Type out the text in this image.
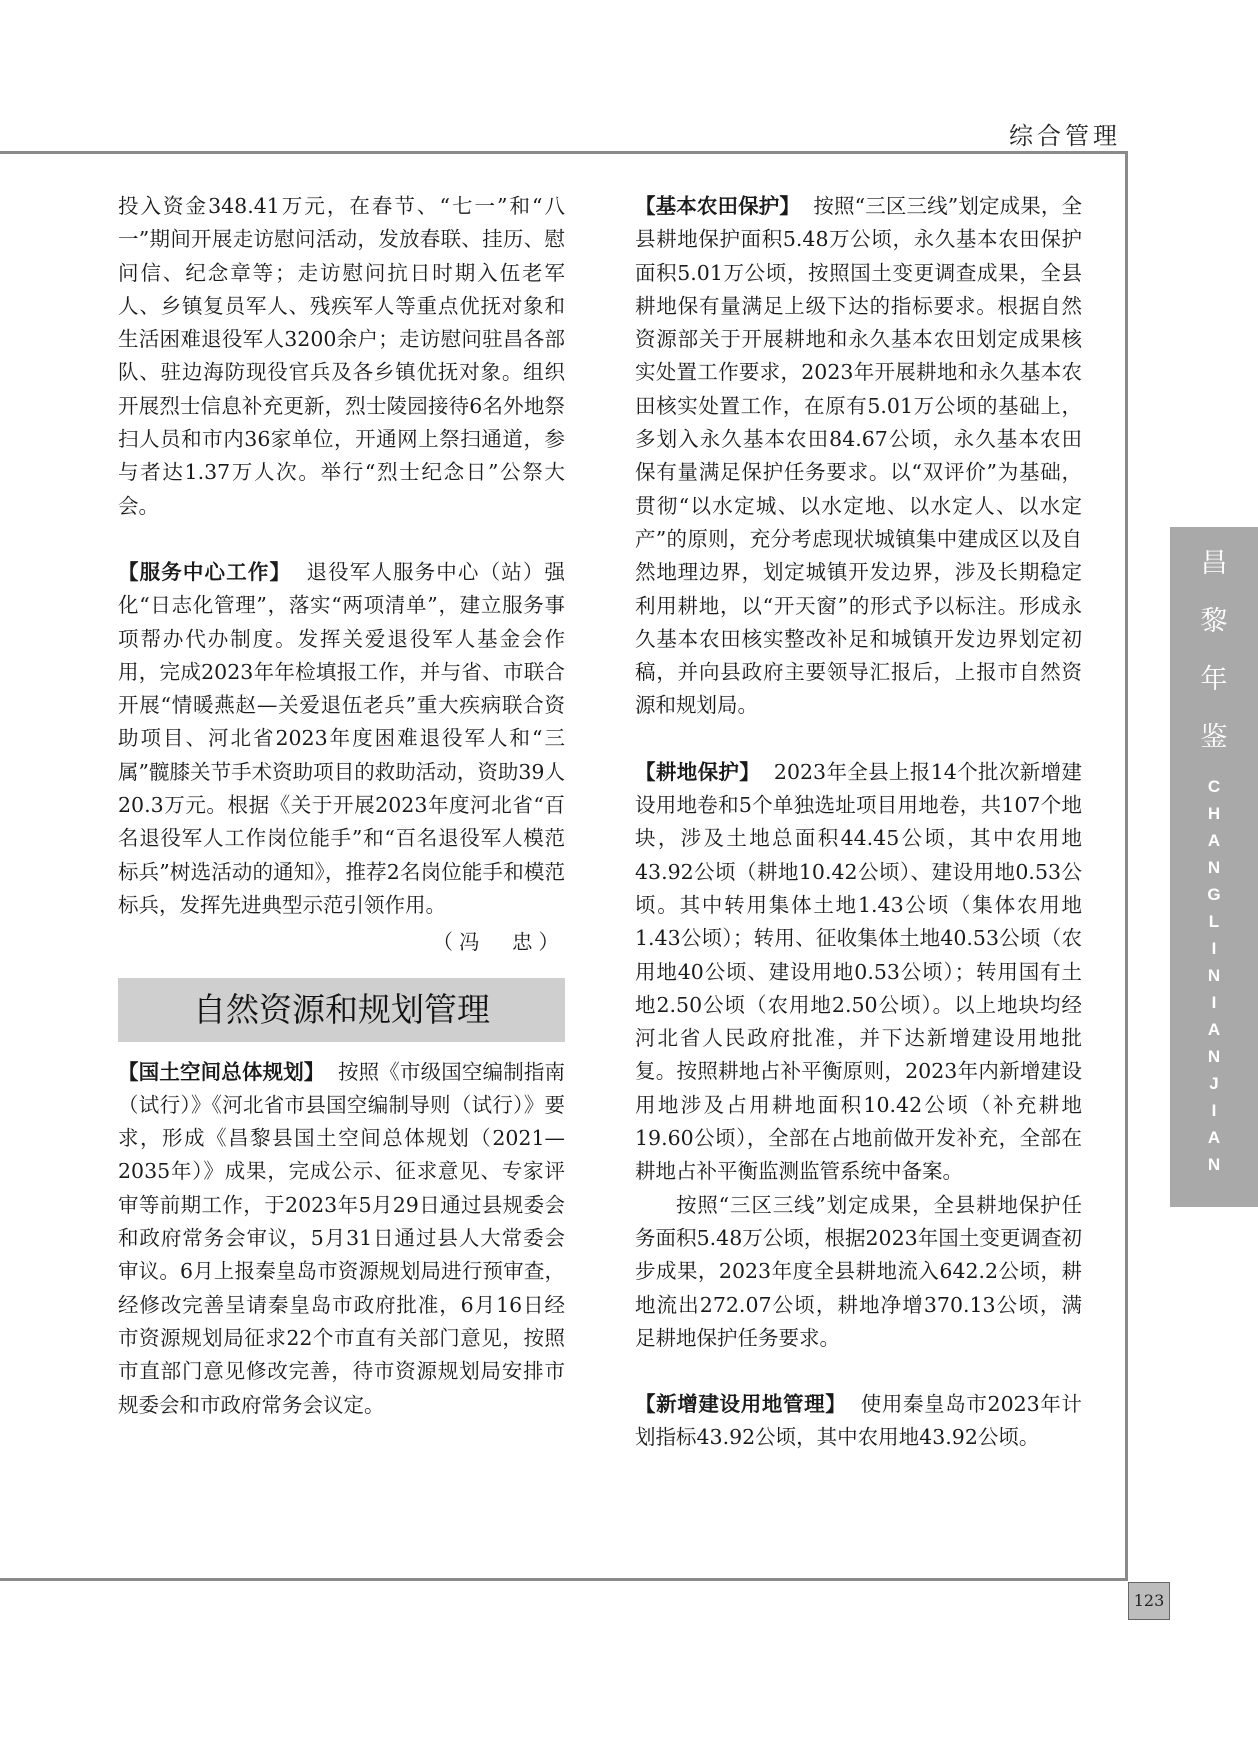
综合管理
昌
黎
年
鉴
C
H
A
N
G
L
I
N
I
A
N
J
I
A
N
123

投入资金348.41万元，在春节、“七一”和“八一”期间开展走访慰问活动，发放春联、挂历、慰问信、纪念章等；走访慰问抗日时期入伍老军人、乡镇复员军人、残疾军人等重点优抚对象和生活困难退役军人3200余户；走访慰问驻昌各部队、驻边海防现役官兵及各乡镇优抚对象。组织开展烈士信息补充更新，烈士陵园接待6名外地祭扫人员和市内36家单位，开通网上祭扫通道，参与者达1.37万人次。举行“烈士纪念日”公祭大会。

【服务中心工作】 退役军人服务中心（站）强化“日志化管理”，落实“两项清单”，建立服务事项帮办代办制度。发挥关爱退役军人基金会作用，完成2023年年检填报工作，并与省、市联合开展“情暖燕赵—关爱退伍老兵”重大疾病联合资助项目、河北省2023年度困难退役军人和“三属”髋膝关节手术资助项目的救助活动，资助39人20.3万元。根据《关于开展2023年度河北省“百名退役军人工作岗位能手”和“百名退役军人模范标兵”树选活动的通知》，推荐2名岗位能手和模范标兵，发挥先进典型示范引领作用。

（冯　忠）

自然资源和规划管理

【国土空间总体规划】 按照《市级国空编制指南（试行）》《河北省市县国空编制导则（试行）》要求，形成《昌黎县国土空间总体规划（2021—2035年）》成果，完成公示、征求意见、专家评审等前期工作，于2023年5月29日通过县规委会和政府常务会审议，5月31日通过县人大常委会审议。6月上报秦皇岛市资源规划局进行预审查，经修改完善呈请秦皇岛市政府批准，6月16日经市资源规划局征求22个市直有关部门意见，按照市直部门意见修改完善，待市资源规划局安排市规委会和市政府常务会议定。

【基本农田保护】 按照“三区三线”划定成果，全县耕地保护面积5.48万公顷，永久基本农田保护面积5.01万公顷，按照国土变更调查成果，全县耕地保有量满足上级下达的指标要求。根据自然资源部关于开展耕地和永久基本农田划定成果核实处置工作要求，2023年开展耕地和永久基本农田核实处置工作，在原有5.01万公顷的基础上，多划入永久基本农田84.67公顷，永久基本农田保有量满足保护任务要求。以“双评价”为基础，贯彻“以水定城、以水定地、以水定人、以水定产”的原则，充分考虑现状城镇集中建成区以及自然地理边界，划定城镇开发边界，涉及长期稳定利用耕地，以“开天窗”的形式予以标注。形成永久基本农田核实整改补足和城镇开发边界划定初稿，并向县政府主要领导汇报后，上报市自然资源和规划局。

【耕地保护】 2023年全县上报14个批次新增建设用地卷和5个单独选址项目用地卷，共107个地块，涉及土地总面积44.45公顷，其中农用地43.92公顷（耕地10.42公顷）、建设用地0.53公顷。其中转用集体土地1.43公顷（集体农用地1.43公顷）；转用、征收集体土地40.53公顷（农用地40公顷、建设用地0.53公顷）；转用国有土地2.50公顷（农用地2.50公顷）。以上地块均经河北省人民政府批准，并下达新增建设用地批复。按照耕地占补平衡原则，2023年内新增建设用地涉及占用耕地面积10.42公顷（补充耕地19.60公顷），全部在占地前做开发补充，全部在耕地占补平衡监测监管系统中备案。

按照“三区三线”划定成果，全县耕地保护任务面积5.48万公顷，根据2023年国土变更调查初步成果，2023年度全县耕地流入642.2公顷，耕地流出272.07公顷，耕地净增370.13公顷，满足耕地保护任务要求。

【新增建设用地管理】 使用秦皇岛市2023年计划指标43.92公顷，其中农用地43.92公顷。
